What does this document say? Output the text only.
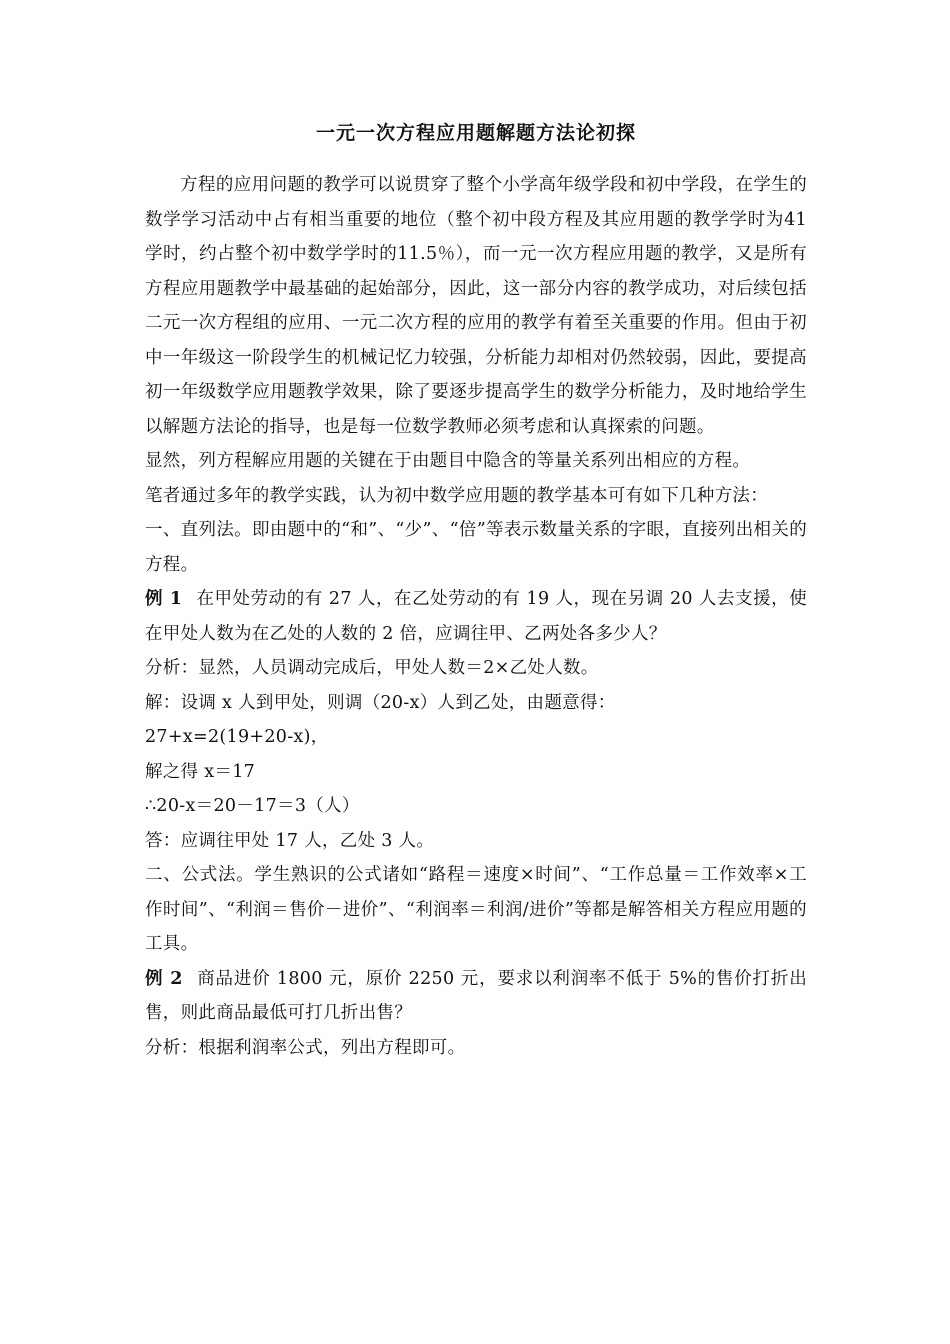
一元一次方程应用题解题方法论初探

方程的应用问题的教学可以说贯穿了整个小学高年级学段和初中学段，在学生的数学学习活动中占有相当重要的地位（整个初中段方程及其应用题的教学学时为41学时，约占整个初中数学学时的11.5％），而一元一次方程应用题的教学，又是所有方程应用题教学中最基础的起始部分，因此，这一部分内容的教学成功，对后续包括二元一次方程组的应用、一元二次方程的应用的教学有着至关重要的作用。但由于初中一年级这一阶段学生的机械记忆力较强，分析能力却相对仍然较弱，因此，要提高初一年级数学应用题教学效果，除了要逐步提高学生的数学分析能力，及时地给学生以解题方法论的指导，也是每一位数学教师必须考虑和认真探索的问题。

显然，列方程解应用题的关键在于由题目中隐含的等量关系列出相应的方程。

笔者通过多年的教学实践，认为初中数学应用题的教学基本可有如下几种方法：

一、直列法。即由题中的“和”、“少”、“倍”等表示数量关系的字眼，直接列出相关的方程。

例 1 在甲处劳动的有 27 人，在乙处劳动的有 19 人，现在另调 20 人去支援，使在甲处人数为在乙处的人数的 2 倍，应调往甲、乙两处各多少人？

分析：显然，人员调动完成后，甲处人数＝2×乙处人数。

解：设调 x 人到甲处，则调（20-x）人到乙处，由题意得：

27+x=2(19+20-x)，

解之得 x＝17

∴20-x＝20－17＝3（人）

答：应调往甲处 17 人，乙处 3 人。

二、公式法。学生熟识的公式诸如“路程＝速度×时间”、“工作总量＝工作效率×工作时间”、“利润＝售价－进价”、“利润率＝利润/进价”等都是解答相关方程应用题的工具。

例 2 商品进价 1800 元，原价 2250 元，要求以利润率不低于 5%的售价打折出售，则此商品最低可打几折出售？

分析：根据利润率公式，列出方程即可。
